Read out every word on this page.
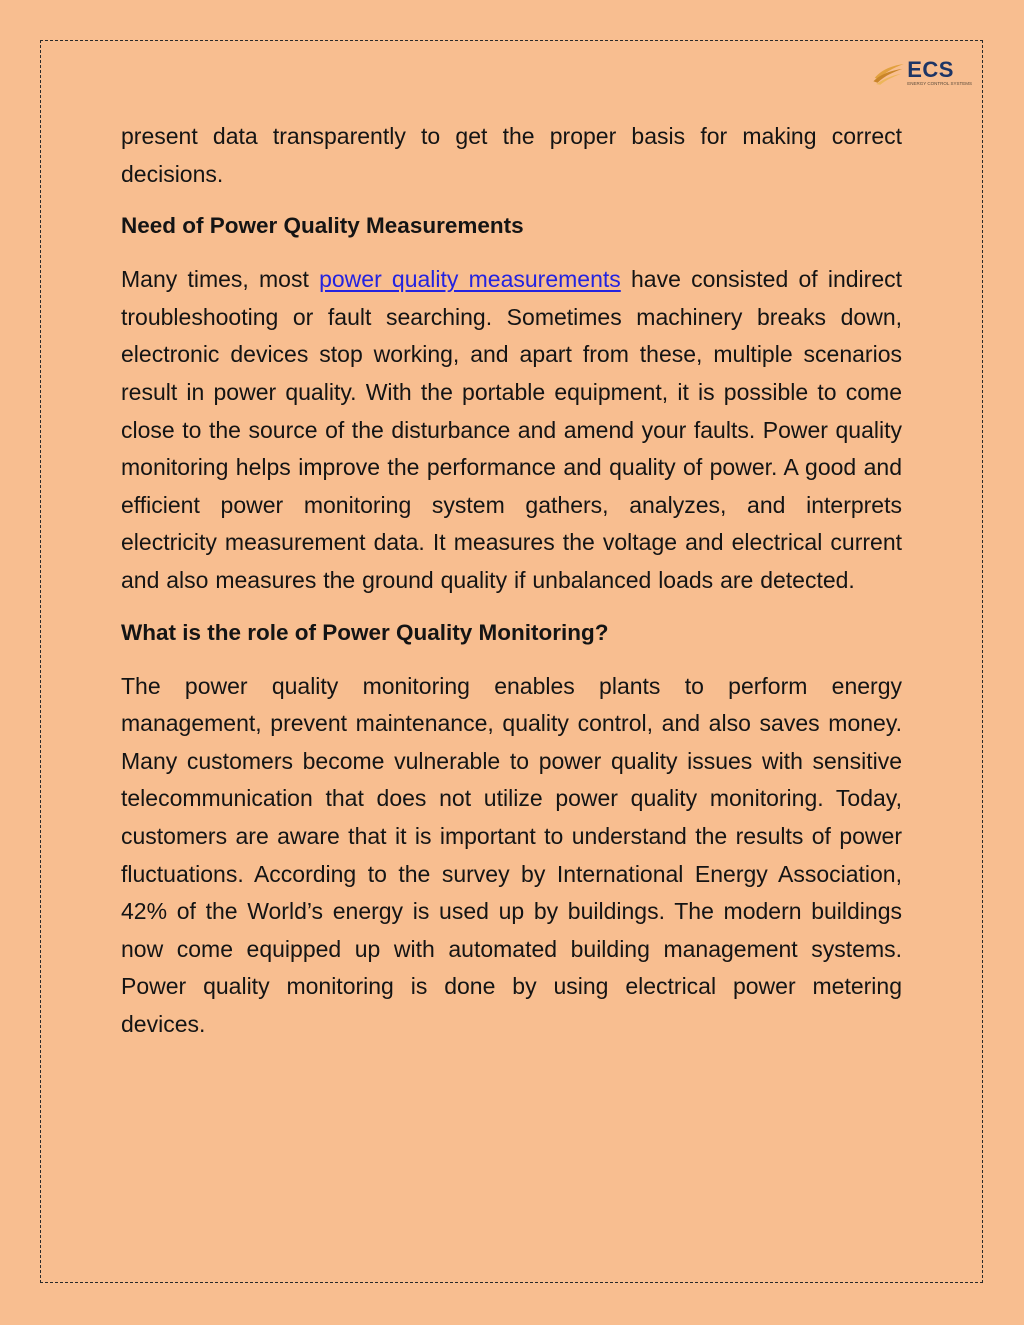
ECS
ENERGY CONTROL SYSTEMS

present data transparently to get the proper basis for making correct decisions.

Need of Power Quality Measurements

Many times, most power quality measurements have consisted of indirect troubleshooting or fault searching. Sometimes machinery breaks down, electronic devices stop working, and apart from these, multiple scenarios result in power quality. With the portable equipment, it is possible to come close to the source of the disturbance and amend your faults. Power quality monitoring helps improve the performance and quality of power. A good and efficient power monitoring system gathers, analyzes, and interprets electricity measurement data. It measures the voltage and electrical current and also measures the ground quality if unbalanced loads are detected.

What is the role of Power Quality Monitoring?

The power quality monitoring enables plants to perform energy management, prevent maintenance, quality control, and also saves money. Many customers become vulnerable to power quality issues with sensitive telecommunication that does not utilize power quality monitoring. Today, customers are aware that it is important to understand the results of power fluctuations. According to the survey by International Energy Association, 42% of the World’s energy is used up by buildings. The modern buildings now come equipped up with automated building management systems. Power quality monitoring is done by using electrical power metering devices.
